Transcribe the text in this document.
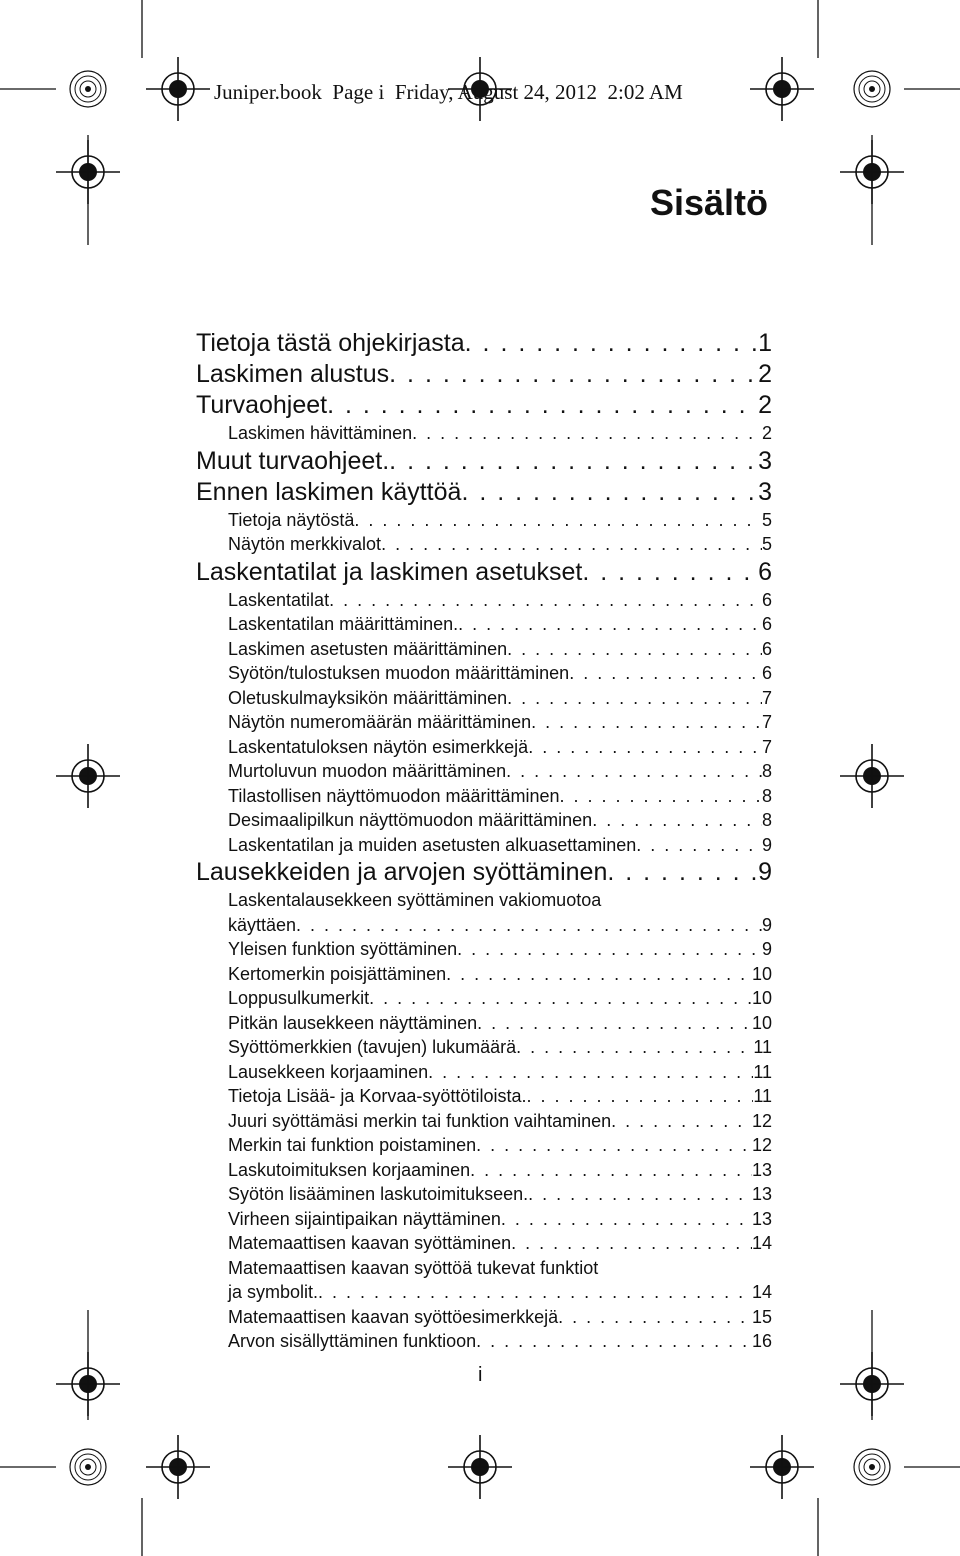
Juniper.book  Page i  Friday, August 24, 2012  2:02 AM
Sisältö
Tietoja tästä ohjekirjasta . . .	1
Laskimen alustus . . .	2
Turvaohjeet . . .	2
Laskimen hävittäminen . . .	2
Muut turvaohjeet. . . .	3
Ennen laskimen käyttöä . . .	3
Tietoja näytöstä . . .	5
Näytön merkkivalot . . .	5
Laskentatilat ja laskimen asetukset . . .	6
Laskentatilat . . .	6
Laskentatilan määrittäminen. . . .	6
Laskimen asetusten määrittäminen . . .	6
Syötön/tulostuksen muodon määrittäminen . . .	6
Oletuskulmayksikön määrittäminen . . .	7
Näytön numeromäärän määrittäminen . . .	7
Laskentatuloksen näytön esimerkkejä . . .	7
Murtoluvun muodon määrittäminen . . .	8
Tilastollisen näyttömuodon määrittäminen . . .	8
Desimaalipilkun näyttömuodon määrittäminen . . .	8
Laskentatilan ja muiden asetusten alkuasettaminen . . .	9
Lausekkeiden ja arvojen syöttäminen . . .	9
Laskentalausekkeen syöttäminen vakiomuotoa
käyttäen . . .	9
Yleisen funktion syöttäminen . . .	9
Kertomerkin poisjättäminen . . .	10
Loppusulkumerkit . . .	10
Pitkän lausekkeen näyttäminen . . .	10
Syöttömerkkien (tavujen) lukumäärä . . .	11
Lausekkeen korjaaminen . . .	11
Tietoja Lisää- ja Korvaa-syöttötiloista. . . .	11
Juuri syöttämäsi merkin tai funktion vaihtaminen . . .	12
Merkin tai funktion poistaminen . . .	12
Laskutoimituksen korjaaminen . . .	13
Syötön lisääminen laskutoimitukseen. . . .	13
Virheen sijaintipaikan näyttäminen . . .	13
Matemaattisen kaavan syöttäminen . . .	14
Matemaattisen kaavan syöttöä tukevat funktiot
ja symbolit. . . .	14
Matemaattisen kaavan syöttöesimerkkejä . . .	15
Arvon sisällyttäminen funktioon . . .	16
i
